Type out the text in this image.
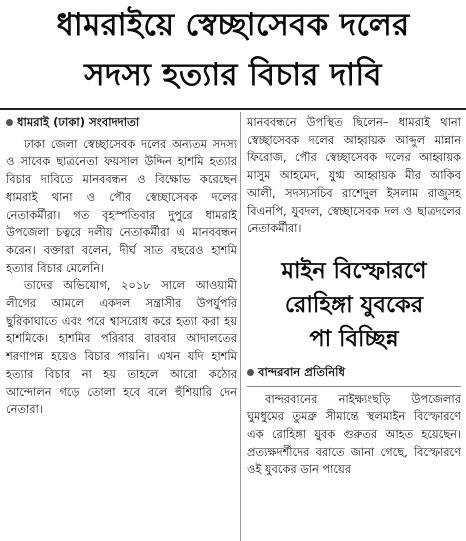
ধামরাইয়ে স্বেচ্ছাসেবক দলের
সদস্য হত্যার বিচার দাবি
ধামরাই (ঢাকা) সংবাদদাতা

ঢাকা জেলা স্বেচ্ছাসেবক দলের অন্যতম সদস্য ও সাবেক ছাত্রনেতা ফয়সাল উদ্দিন হাশমি হত্যার বিচার দাবিতে মানববন্ধন ও বিক্ষোভ করেছেন ধামরাই থানা ও পৌর স্বেচ্ছাসেবক দলের নেতাকর্মীরা। গত বৃহস্পতিবার দুপুরে ধামরাই উপজেলা চত্বরে দলীয় নেতাকর্মীরা এ মানববন্ধন করেন। বক্তারা বলেন, দীর্ঘ সাত বছরেও হাশমি হত্যার বিচার মেলেনি।

তাদের অভিযোগ, ২০১৮ সালে আওয়ামী লীগের আমলে একদল সন্ত্রাসীর উপর্যুপরি ছুরিকাঘাতে এবং পরে শ্বাসরোধ করে হত্যা করা হয় হাশমিকে। হাশমির পরিবার বারবার আদালতের শরণাপন্ন হয়েও বিচার পায়নি। এখন যদি হাশমি হত্যার বিচার না হয় তাহলে আরো কঠোর আন্দোলন গড়ে তোলা হবে বলে হুঁশিয়ারি দেন নেতারা।

মানববন্ধনে উপস্থিত ছিলেন– ধামরাই থানা স্বেচ্ছাসেবক দলের আহ্বায়ক আব্দুল মান্নান ফিরোজ, পৌর স্বেচ্ছাসেবক দলের আহ্বায়ক মাসুম আহমেদ, যুগ্ম আহ্বায়ক মীর আকিব আলী, সদস্যসচিব রাশেদুল ইসলাম রাজুসহ বিএনপি, যুবদল, স্বেচ্ছাসেবক দল ও ছাত্রদলের নেতাকর্মীরা।

মাইন বিস্ফোরণে
রোহিঙ্গা যুবকের
পা বিচ্ছিন্ন
বান্দরবান প্রতিনিধি

বান্দরবানের নাইক্ষ্যংছড়ি উপজেলার ঘুমধুমের তুমব্রু সীমান্তে স্থলমাইন বিস্ফোরণে এক রোহিঙ্গা যুবক গুরুতর আহত হয়েছেন। প্রত্যক্ষদর্শীদের বরাতে জানা গেছে, বিস্ফোরণে ওই যুবকের ডান পায়ের
